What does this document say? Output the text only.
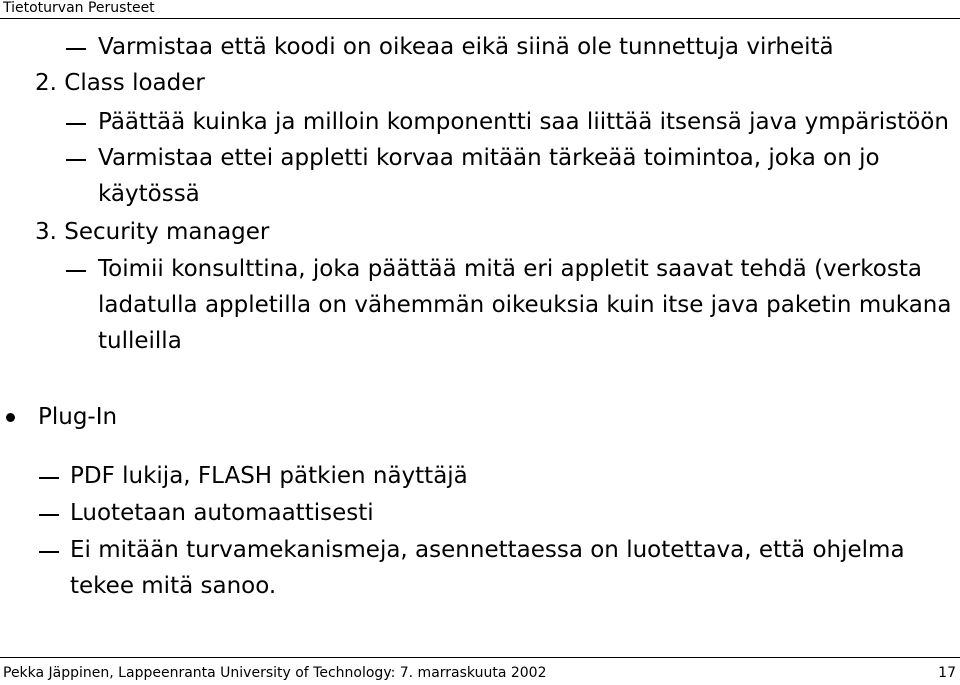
Tietoturvan Perusteet
Varmistaa että koodi on oikeaa eikä siinä ole tunnettuja virheitä
2. Class loader
Päättää kuinka ja milloin komponentti saa liittää itsensä java ympäristöön
Varmistaa ettei appletti korvaa mitään tärkeää toimintoa, joka on jo
käytössä
3. Security manager
Toimii konsulttina, joka päättää mitä eri appletit saavat tehdä (verkosta
ladatulla appletilla on vähemmän oikeuksia kuin itse java paketin mukana
tulleilla
Plug-In
PDF lukija, FLASH pätkien näyttäjä
Luotetaan automaattisesti
Ei mitään turvamekanismeja, asennettaessa on luotettava, että ohjelma
tekee mitä sanoo.
Pekka Jäppinen, Lappeenranta University of Technology: 7. marraskuuta 2002	17
